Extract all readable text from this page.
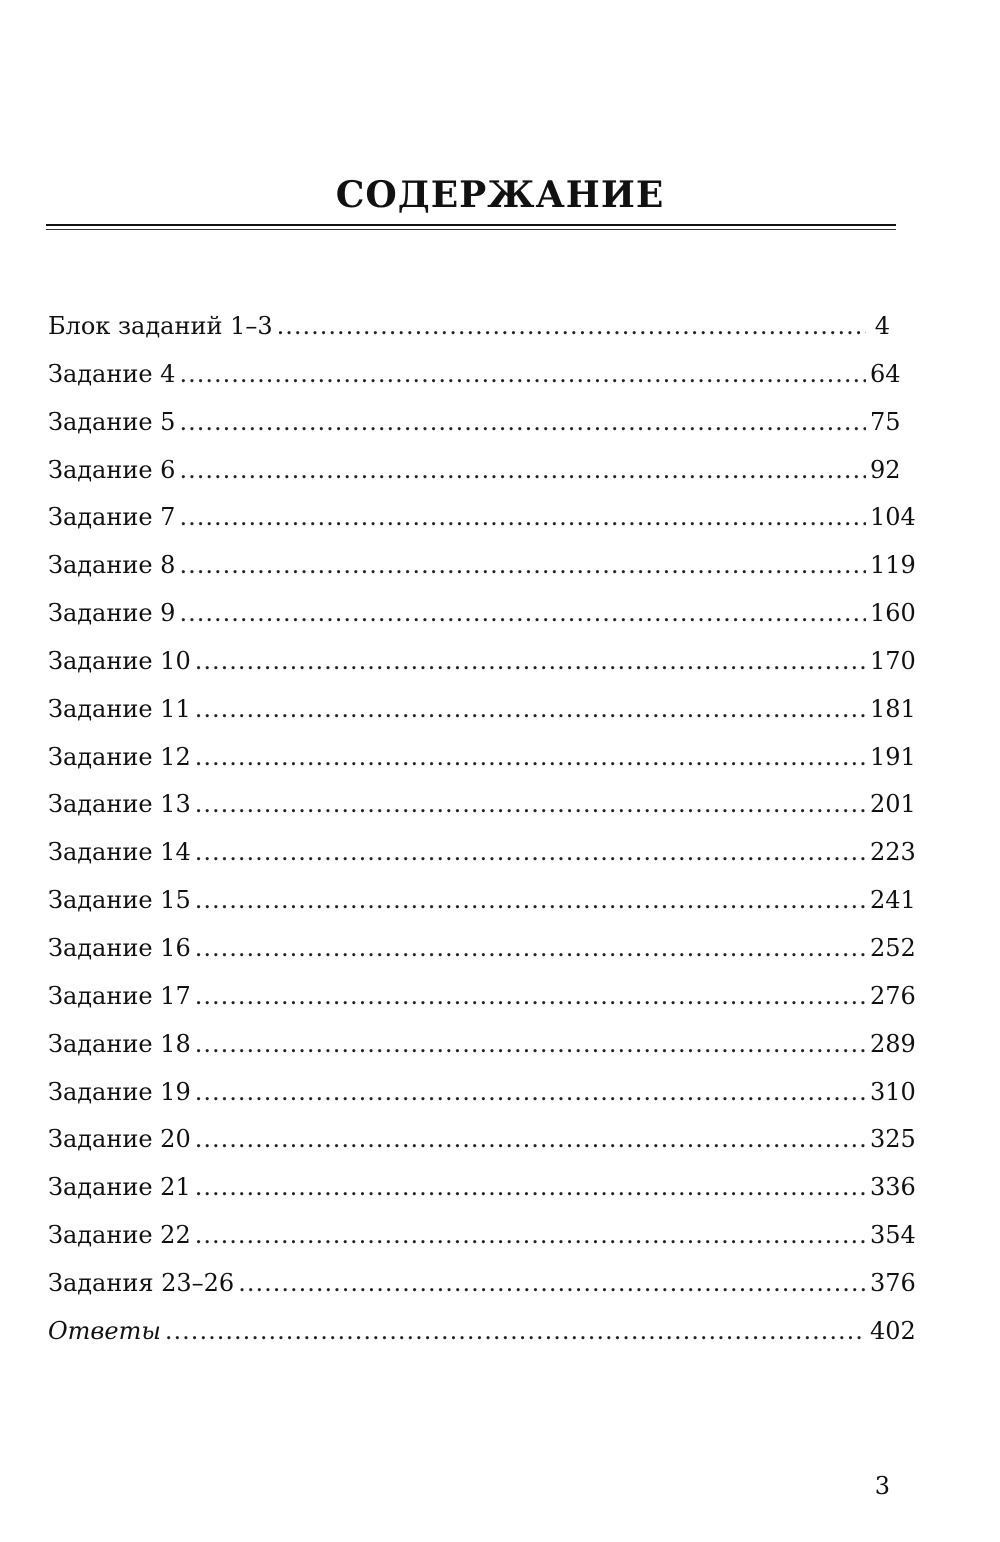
СОДЕРЖАНИЕ
Блок заданий 1–3 .....	4
Задание 4 .....	64
Задание 5 .....	75
Задание 6 .....	92
Задание 7 .....	104
Задание 8 .....	119
Задание 9 .....	160
Задание 10 .....	170
Задание 11 .....	181
Задание 12 .....	191
Задание 13 .....	201
Задание 14 .....	223
Задание 15 .....	241
Задание 16 .....	252
Задание 17 .....	276
Задание 18 .....	289
Задание 19 .....	310
Задание 20 .....	325
Задание 21 .....	336
Задание 22 .....	354
Задания 23–26 .....	376
Ответы .....	402
3
